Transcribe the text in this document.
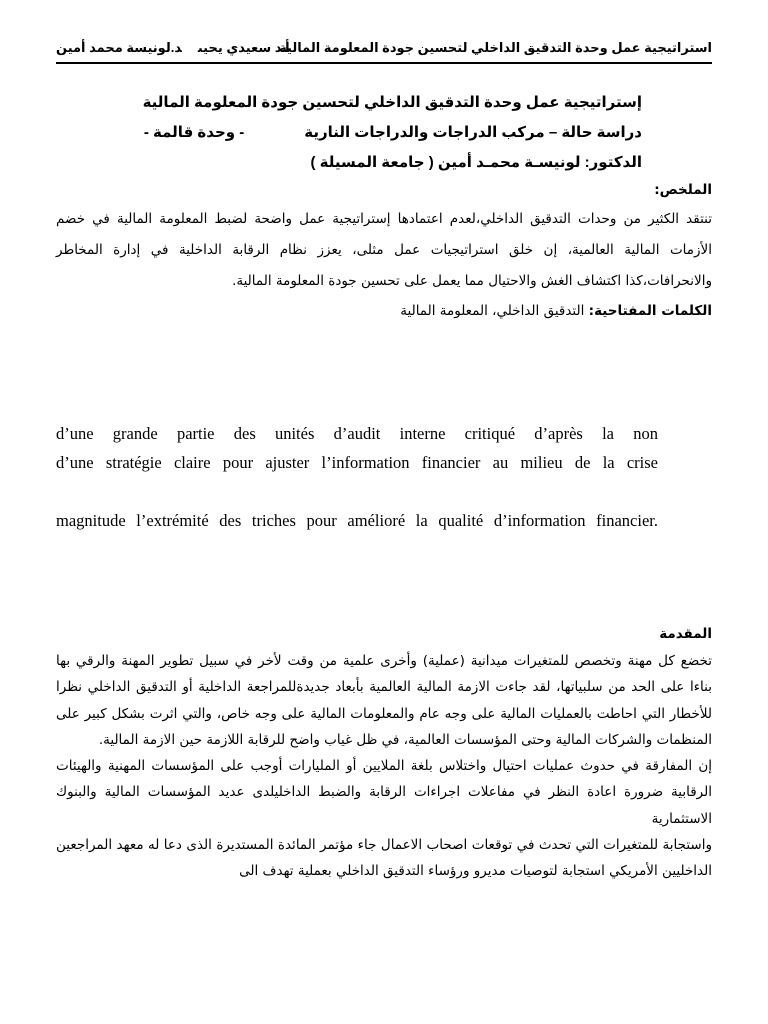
استراتيجية عمل وحدة التدقيق الداخلي لتحسين جودة المعلومة المالية
أ.د سعيدي يحيىد.لونيسة محمد أمين
إستراتيجية عمل وحدة التدقيق الداخلي لتحسين جودة المعلومة المالية
دراسة حالة – مركب الدراجات والدراجات النارية- وحدة قالمة -
الدكتور: لونيسـة محمـد أمين ( جامعة المسيلة )
الملخص:

تنتقد الكثير من وحدات التدقيق الداخلي،لعدم اعتمادها إستراتيجية عمل واضحة لضبط المعلومة المالية في خضم الأزمات المالية العالمية، إن خلق استراتيجيات عمل مثلى، يعزز نظام الرقابة الداخلية في إدارة المخاطر والانحرافات،كذا اكتشاف الغش والاحتيال مما يعمل على تحسين جودة المعلومة المالية.

الكلمات المفتاحية: التدقيق الداخلي، المعلومة المالية

d’une grande partie des unités d’audit interne critiqué d’après la non
d’une stratégie claire pour ajuster l’information financier au milieu de la crise
magnitude l’extrémité des triches pour amélioré la qualité d’information financier.
المقدمة

تخضع كل مهنة وتخصص للمتغيرات ميدانية (عملية) وأخرى علمية من وقت لأخر في سبيل تطوير المهنة والرقي بها بناءا على الحد من سلبياتها، لقد جاءت الازمة المالية العالمية بأبعاد جديدةللمراجعة الداخلية أو التدقيق الداخلي نظرا للأخطار التي احاطت بالعمليات المالية على وجه عام والمعلومات المالية على وجه خاص، والتي اثرت بشكل كبير على المنظمات والشركات المالية وحتى المؤسسات العالمية، في ظل غياب واضح للرقابة اللازمة حين الازمة المالية.

إن المفارقة في حدوث عمليات احتيال واختلاس بلغة الملايين أو المليارات أوجب على المؤسسات المهنية والهيئات الرقابية ضرورة اعادة النظر في مفاعلات اجراءات الرقابة والضبط الداخليلدى عديد المؤسسات المالية والبنوك الاستثمارية

واستجابة للمتغيرات التي تحدث في توقعات اصحاب الاعمال جاء مؤتمر المائدة المستديرة الذى دعا له معهد المراجعين الداخليين الأمريكي استجابة لتوصيات مديرو ورؤساء التدقيق الداخلي بعملية تهدف الى
